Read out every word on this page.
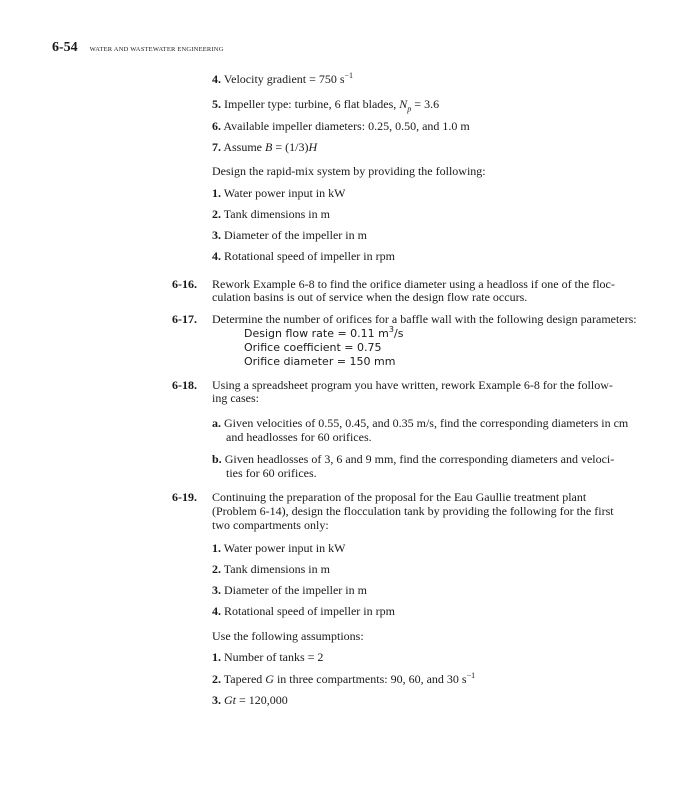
6-54 WATER AND WASTEWATER ENGINEERING
4. Velocity gradient = 750 $s^{-1}$
5. Impeller type: turbine, 6 flat blades, $N_p = 3.6$
6. Available impeller diameters: 0.25, 0.50, and 1.0 m
7. Assume B = (1/3)H
Design the rapid-mix system by providing the following:
1. Water power input in kW
2. Tank dimensions in m
3. Diameter of the impeller in m
4. Rotational speed of impeller in rpm
6-16. Rework Example 6-8 to find the orifice diameter using a headloss if one of the floc-
culation basins is out of service when the design flow rate occurs.
6-17. Determine the number of orifices for a baffle wall with the following design parameters:
Design flow rate = 0.11 $m^3/s$
Orifice coefficient = 0.75
Orifice diameter = 150 mm
6-18. Using a spreadsheet program you have written, rework Example 6-8 for the follow-
ing cases:
a. Given velocities of 0.55, 0.45, and 0.35 m/s, find the corresponding diameters in cm
and headlosses for 60 orifices.
b. Given headlosses of 3, 6 and 9 mm, find the corresponding diameters and veloci-
ties for 60 orifices.
6-19. Continuing the preparation of the proposal for the Eau Gaullie treatment plant
(Problem 6-14), design the flocculation tank by providing the following for the first
two compartments only:
1. Water power input in kW
2. Tank dimensions in m
3. Diameter of the impeller in m
4. Rotational speed of impeller in rpm
Use the following assumptions:
1. Number of tanks = 2
2. Tapered G in three compartments: 90, 60, and 30 $s^{-1}$
3. Gt = 120,000
